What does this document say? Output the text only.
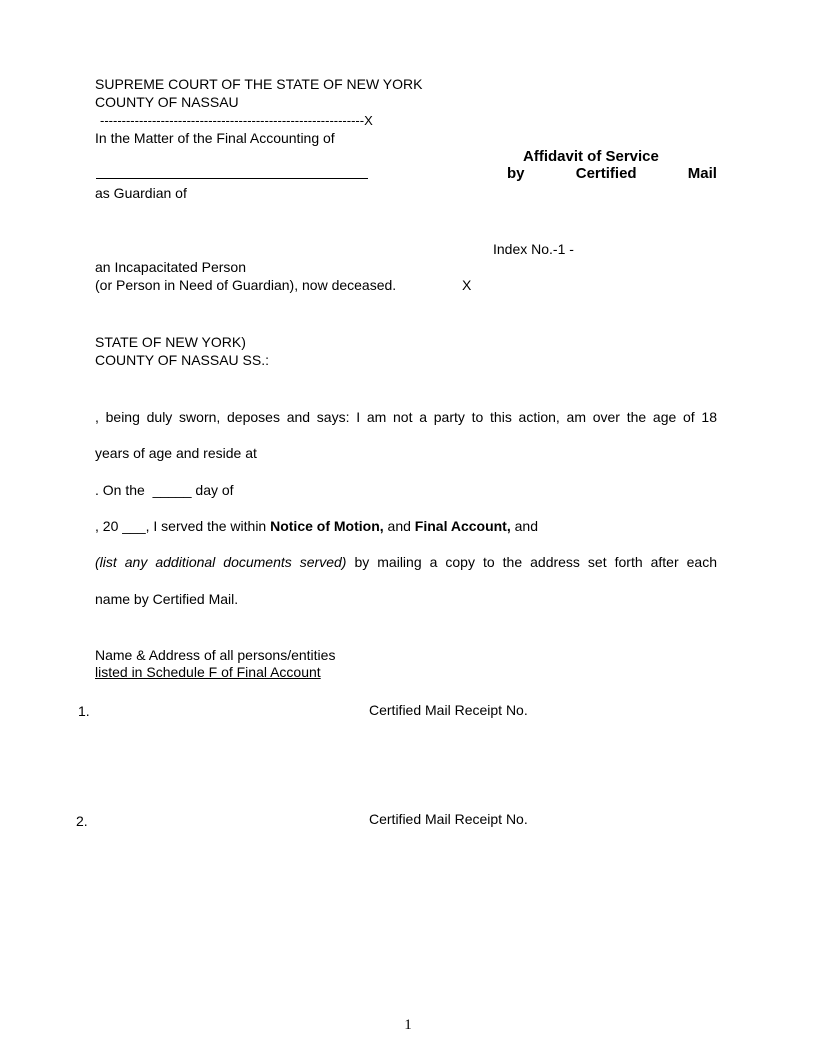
SUPREME COURT OF THE STATE OF NEW YORK
COUNTY OF NASSAU
-------------------------------------------------------------X
In the Matter of the Final Accounting of
Affidavit of Service
by	Certified	Mail
as Guardian of
Index No.-1 -
an Incapacitated Person
(or Person in Need of Guardian), now deceased.	X
STATE OF NEW YORK)
COUNTY OF NASSAU SS.:
, being duly sworn, deposes and says: I am not a party to this action, am over the age of 18
years of age and reside at
. On the  _____ day of
, 20 ___, I served the within Notice of Motion, and Final Account, and
(list any additional documents served) by mailing a copy to the address set forth after each
name by Certified Mail.
Name & Address of all persons/entities
listed in Schedule F of Final Account
1.	Certified Mail Receipt No.
2.	Certified Mail Receipt No.
1
